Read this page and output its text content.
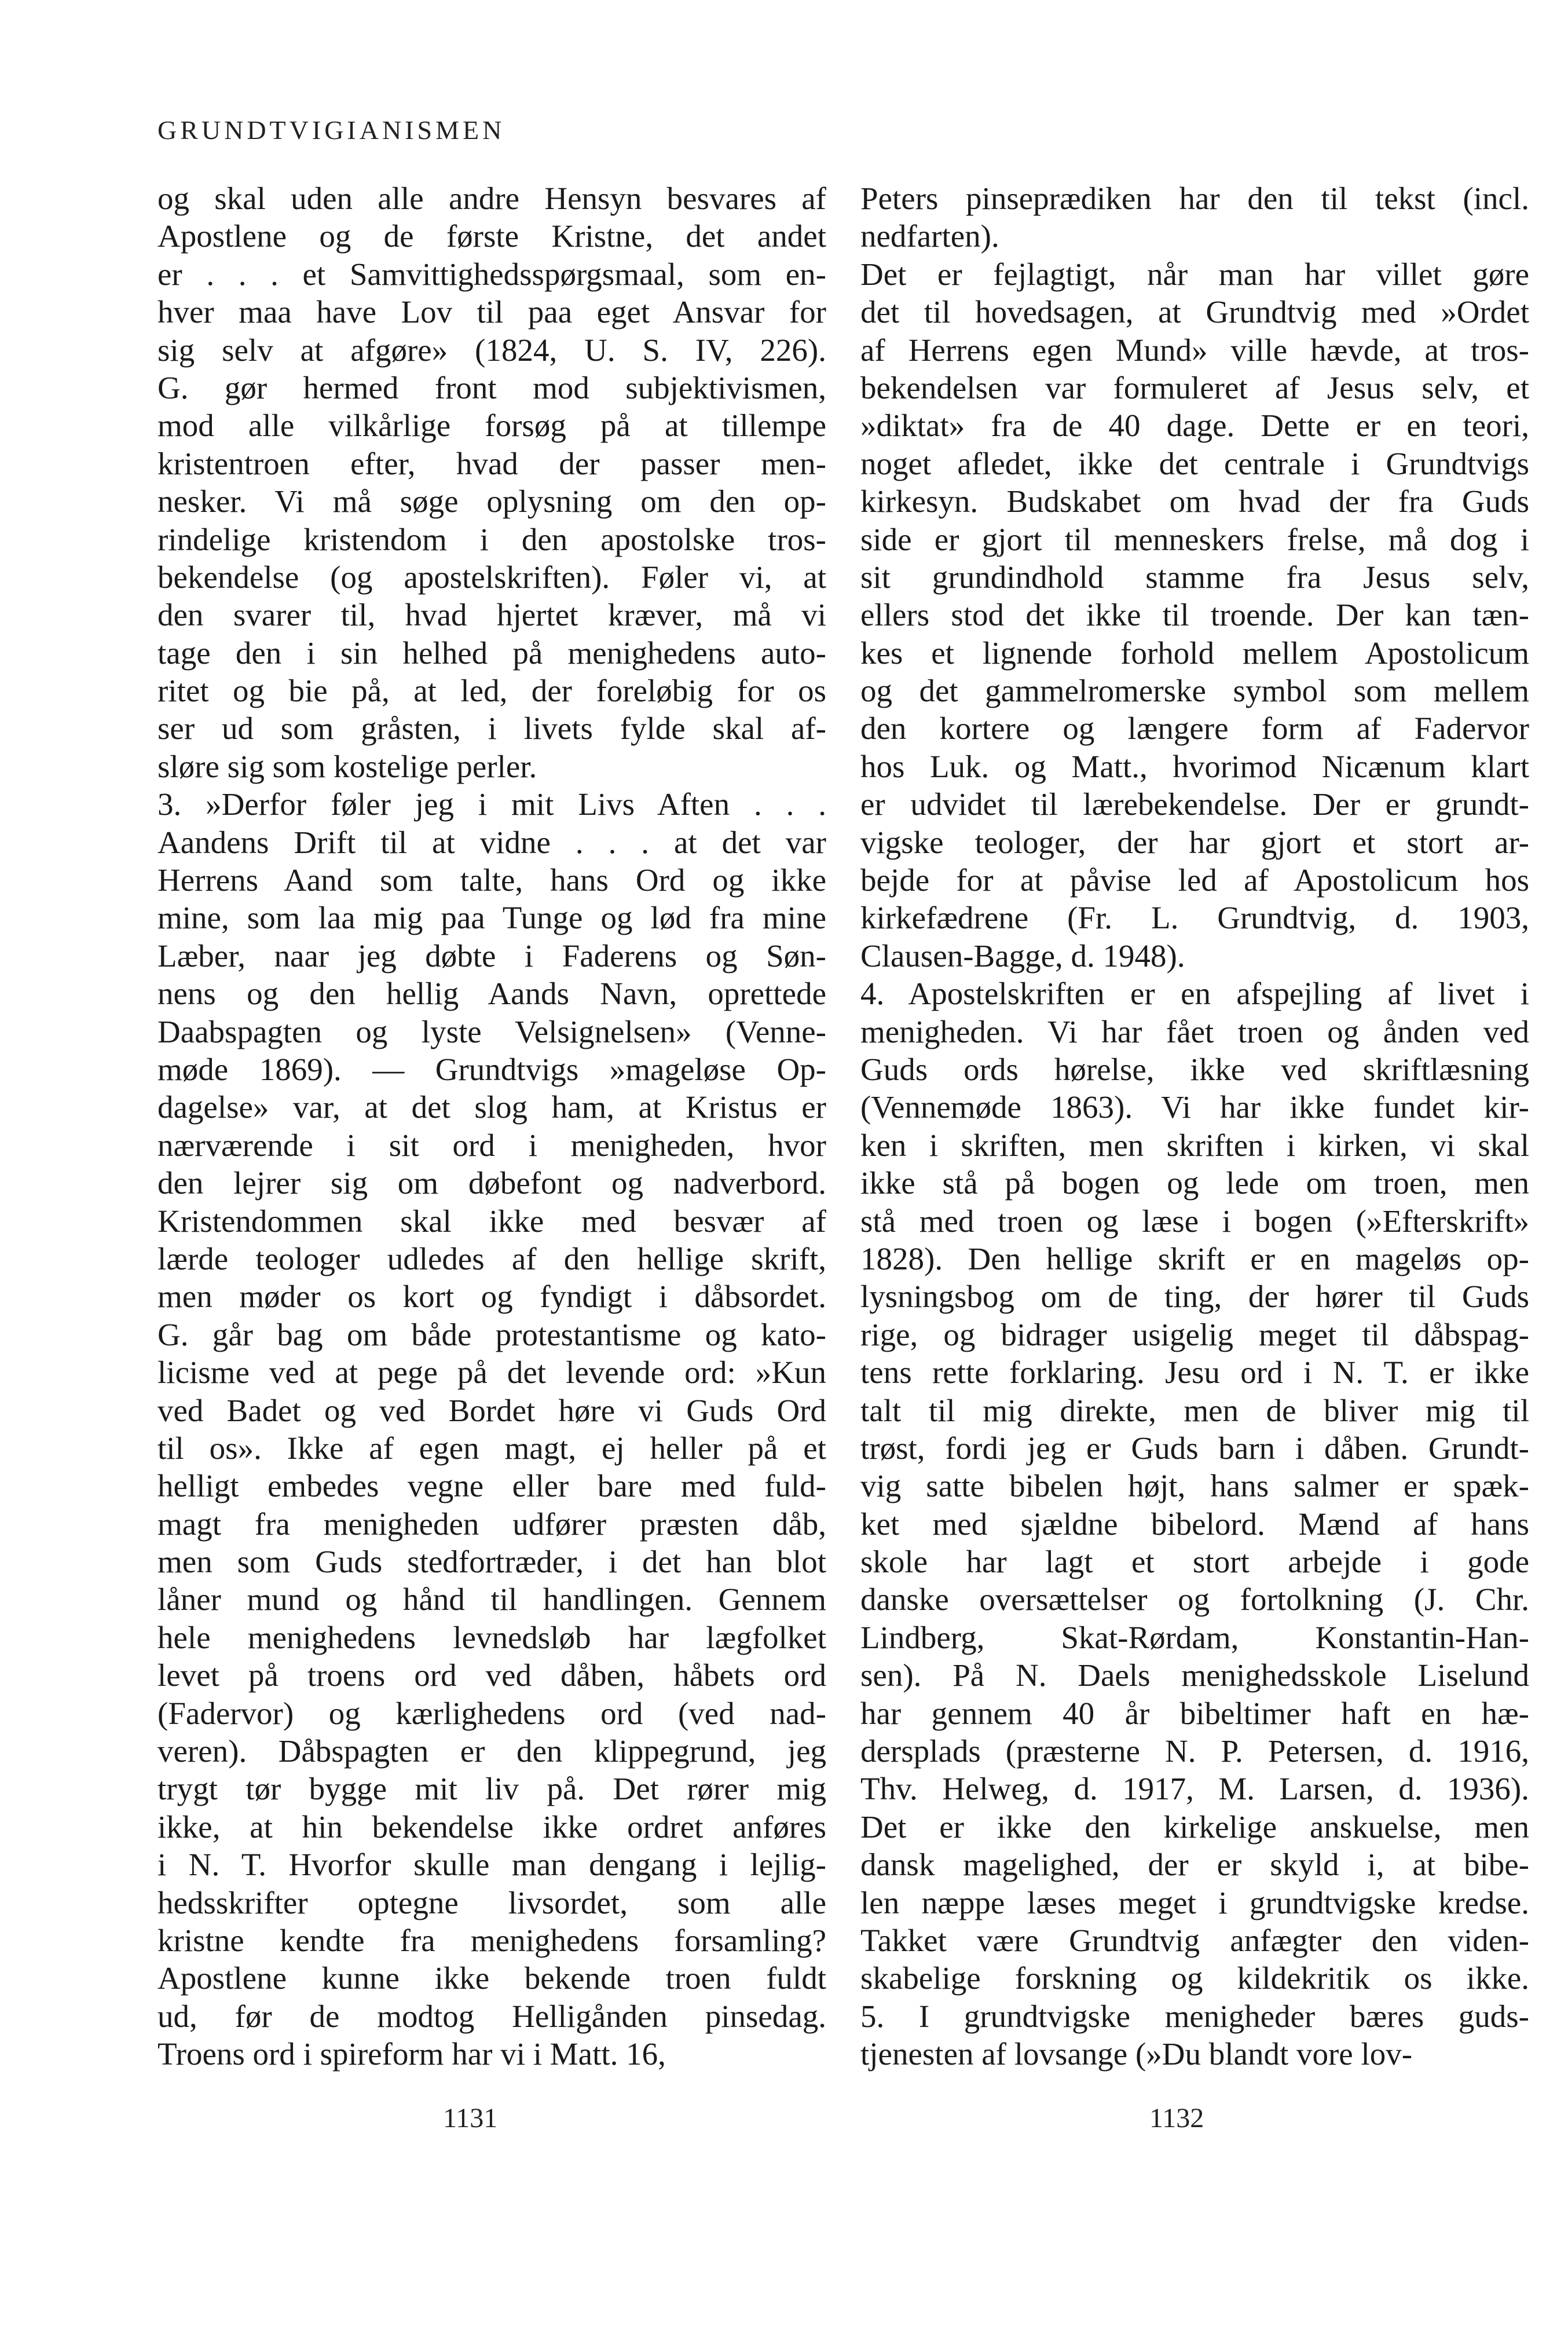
GRUNDTVIGIANISMEN
og skal uden alle andre Hensyn besvares af
Apostlene og de første Kristne, det andet
er . . . et Samvittighedsspørgsmaal, som en-
hver maa have Lov til paa eget Ansvar for
sig selv at afgøre» (1824, U. S. IV, 226).
G. gør hermed front mod subjektivismen,
mod alle vilkårlige forsøg på at tillempe
kristentroen efter, hvad der passer men-
nesker. Vi må søge oplysning om den op-
rindelige kristendom i den apostolske tros-
bekendelse (og apostelskriften). Føler vi, at
den svarer til, hvad hjertet kræver, må vi
tage den i sin helhed på menighedens auto-
ritet og bie på, at led, der foreløbig for os
ser ud som gråsten, i livets fylde skal af-
sløre sig som kostelige perler.
3. »Derfor føler jeg i mit Livs Aften . . .
Aandens Drift til at vidne . . . at det var
Herrens Aand som talte, hans Ord og ikke
mine, som laa mig paa Tunge og lød fra mine
Læber, naar jeg døbte i Faderens og Søn-
nens og den hellig Aands Navn, oprettede
Daabspagten og lyste Velsignelsen» (Venne-
møde 1869). — Grundtvigs »mageløse Op-
dagelse» var, at det slog ham, at Kristus er
nærværende i sit ord i menigheden, hvor
den lejrer sig om døbefont og nadverbord.
Kristendommen skal ikke med besvær af
lærde teologer udledes af den hellige skrift,
men møder os kort og fyndigt i dåbsordet.
G. går bag om både protestantisme og kato-
licisme ved at pege på det levende ord: »Kun
ved Badet og ved Bordet høre vi Guds Ord
til os». Ikke af egen magt, ej heller på et
helligt embedes vegne eller bare med fuld-
magt fra menigheden udfører præsten dåb,
men som Guds stedfortræder, i det han blot
låner mund og hånd til handlingen. Gennem
hele menighedens levnedsløb har lægfolket
levet på troens ord ved dåben, håbets ord
(Fadervor) og kærlighedens ord (ved nad-
veren). Dåbspagten er den klippegrund, jeg
trygt tør bygge mit liv på. Det rører mig
ikke, at hin bekendelse ikke ordret anføres
i N. T. Hvorfor skulle man dengang i lejlig-
hedsskrifter optegne livsordet, som alle
kristne kendte fra menighedens forsamling?
Apostlene kunne ikke bekende troen fuldt
ud, før de modtog Helligånden pinsedag.
Troens ord i spireform har vi i Matt. 16,
Peters pinseprædiken har den til tekst (incl.
nedfarten).
Det er fejlagtigt, når man har villet gøre
det til hovedsagen, at Grundtvig med »Ordet
af Herrens egen Mund» ville hævde, at tros-
bekendelsen var formuleret af Jesus selv, et
»diktat» fra de 40 dage. Dette er en teori,
noget afledet, ikke det centrale i Grundtvigs
kirkesyn. Budskabet om hvad der fra Guds
side er gjort til menneskers frelse, må dog i
sit grundindhold stamme fra Jesus selv,
ellers stod det ikke til troende. Der kan tæn-
kes et lignende forhold mellem Apostolicum
og det gammelromerske symbol som mellem
den kortere og længere form af Fadervor
hos Luk. og Matt., hvorimod Nicænum klart
er udvidet til lærebekendelse. Der er grundt-
vigske teologer, der har gjort et stort ar-
bejde for at påvise led af Apostolicum hos
kirkefædrene (Fr. L. Grundtvig, d. 1903,
Clausen-Bagge, d. 1948).
4. Apostelskriften er en afspejling af livet i
menigheden. Vi har fået troen og ånden ved
Guds ords hørelse, ikke ved skriftlæsning
(Vennemøde 1863). Vi har ikke fundet kir-
ken i skriften, men skriften i kirken, vi skal
ikke stå på bogen og lede om troen, men
stå med troen og læse i bogen (»Efterskrift»
1828). Den hellige skrift er en mageløs op-
lysningsbog om de ting, der hører til Guds
rige, og bidrager usigelig meget til dåbspag-
tens rette forklaring. Jesu ord i N. T. er ikke
talt til mig direkte, men de bliver mig til
trøst, fordi jeg er Guds barn i dåben. Grundt-
vig satte bibelen højt, hans salmer er spæk-
ket med sjældne bibelord. Mænd af hans
skole har lagt et stort arbejde i gode
danske oversættelser og fortolkning (J. Chr.
Lindberg, Skat-Rørdam, Konstantin-Han-
sen). På N. Daels menighedsskole Liselund
har gennem 40 år bibeltimer haft en hæ-
dersplads (præsterne N. P. Petersen, d. 1916,
Thv. Helweg, d. 1917, M. Larsen, d. 1936).
Det er ikke den kirkelige anskuelse, men
dansk magelighed, der er skyld i, at bibe-
len næppe læses meget i grundtvigske kredse.
Takket være Grundtvig anfægter den viden-
skabelige forskning og kildekritik os ikke.
5. I grundtvigske menigheder bæres guds-
tjenesten af lovsange (»Du blandt vore lov-
1131	1132
